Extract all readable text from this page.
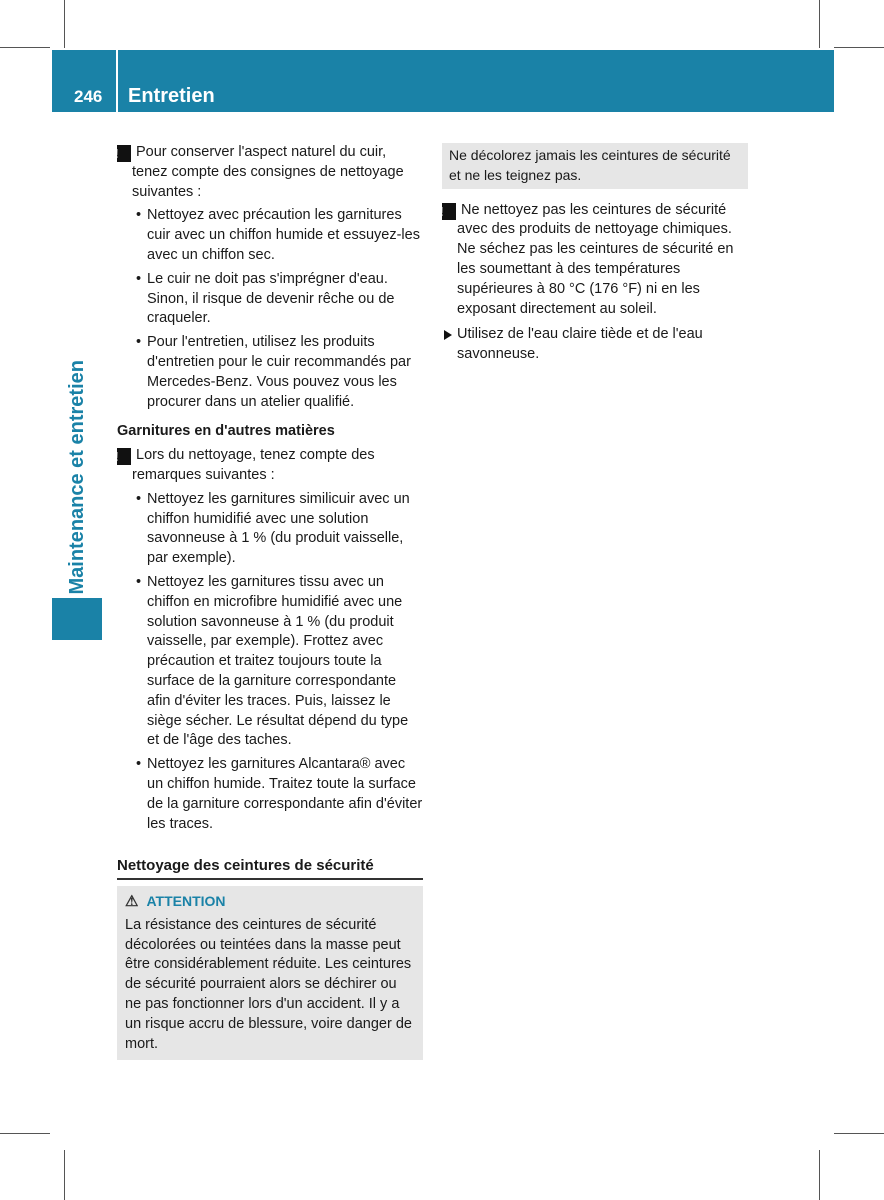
246 Entretien
Maintenance et entretien

! Pour conserver l'aspect naturel du cuir, tenez compte des consignes de nettoyage suivantes :

• Nettoyez avec précaution les garnitures cuir avec un chiffon humide et essuyez-les avec un chiffon sec.
• Le cuir ne doit pas s'imprégner d'eau. Sinon, il risque de devenir rêche ou de craqueler.
• Pour l'entretien, utilisez les produits d'entretien pour le cuir recommandés par Mercedes-Benz. Vous pouvez vous les procurer dans un atelier qualifié.

Garnitures en d'autres matières

! Lors du nettoyage, tenez compte des remarques suivantes :

• Nettoyez les garnitures similicuir avec un chiffon humidifié avec une solution savonneuse à 1 % (du produit vaisselle, par exemple).
• Nettoyez les garnitures tissu avec un chiffon en microfibre humidifié avec une solution savonneuse à 1 % (du produit vaisselle, par exemple). Frottez avec précaution et traitez toujours toute la surface de la garniture correspondante afin d'éviter les traces. Puis, laissez le siège sécher. Le résultat dépend du type et de l'âge des taches.
• Nettoyez les garnitures Alcantara® avec un chiffon humide. Traitez toute la surface de la garniture correspondante afin d'éviter les traces.

Nettoyage des ceintures de sécurité

⚠ ATTENTION

La résistance des ceintures de sécurité décolorées ou teintées dans la masse peut être considérablement réduite. Les ceintures de sécurité pourraient alors se déchirer ou ne pas fonctionner lors d'un accident. Il y a un risque accru de blessure, voire danger de mort.

Ne décolorez jamais les ceintures de sécurité et ne les teignez pas.

! Ne nettoyez pas les ceintures de sécurité avec des produits de nettoyage chimiques. Ne séchez pas les ceintures de sécurité en les soumettant à des températures supérieures à 80 °C (176 °F) ni en les exposant directement au soleil.

Utilisez de l'eau claire tiède et de l'eau savonneuse.
